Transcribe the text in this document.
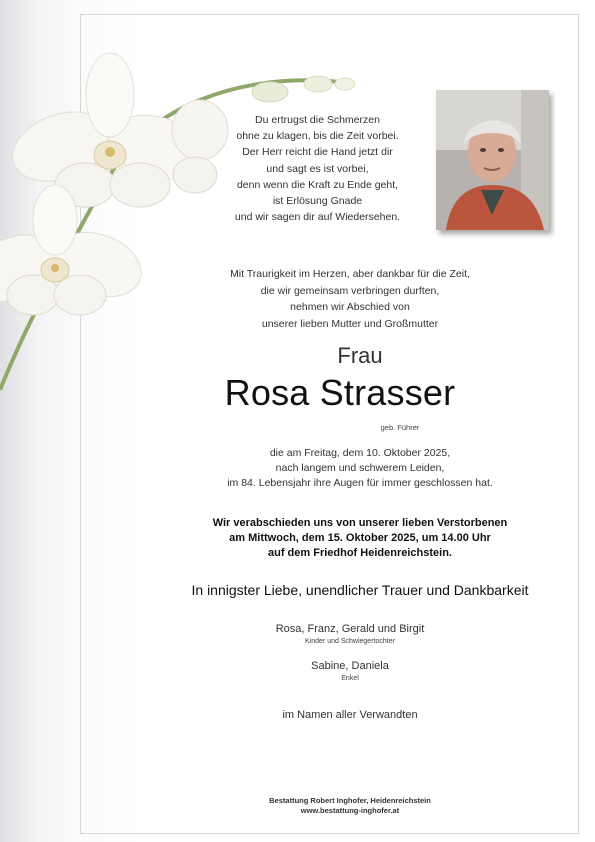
Du ertrugst die Schmerzen
ohne zu klagen, bis die Zeit vorbei.
Der Herr reicht die Hand jetzt dir
und sagt es ist vorbei,
denn wenn die Kraft zu Ende geht,
ist Erlösung Gnade
und wir sagen dir auf Wiedersehen.
Mit Traurigkeit im Herzen, aber dankbar für die Zeit,
die wir gemeinsam verbringen durften,
nehmen wir Abschied von
unserer lieben Mutter und Großmutter
Frau
Rosa Strasser
geb. Führer
die am Freitag, dem 10. Oktober 2025,
nach langem und schwerem Leiden,
im 84. Lebensjahr ihre Augen für immer geschlossen hat.
Wir verabschieden uns von unserer lieben Verstorbenen
am Mittwoch, dem 15. Oktober 2025, um 14.00 Uhr
auf dem Friedhof Heidenreichstein.
In innigster Liebe, unendlicher Trauer und Dankbarkeit
Rosa, Franz, Gerald und Birgit
Kinder und Schwiegertochter
Sabine, Daniela
Enkel
im Namen aller Verwandten
Bestattung Robert Inghofer, Heidenreichstein
www.bestattung-inghofer.at
